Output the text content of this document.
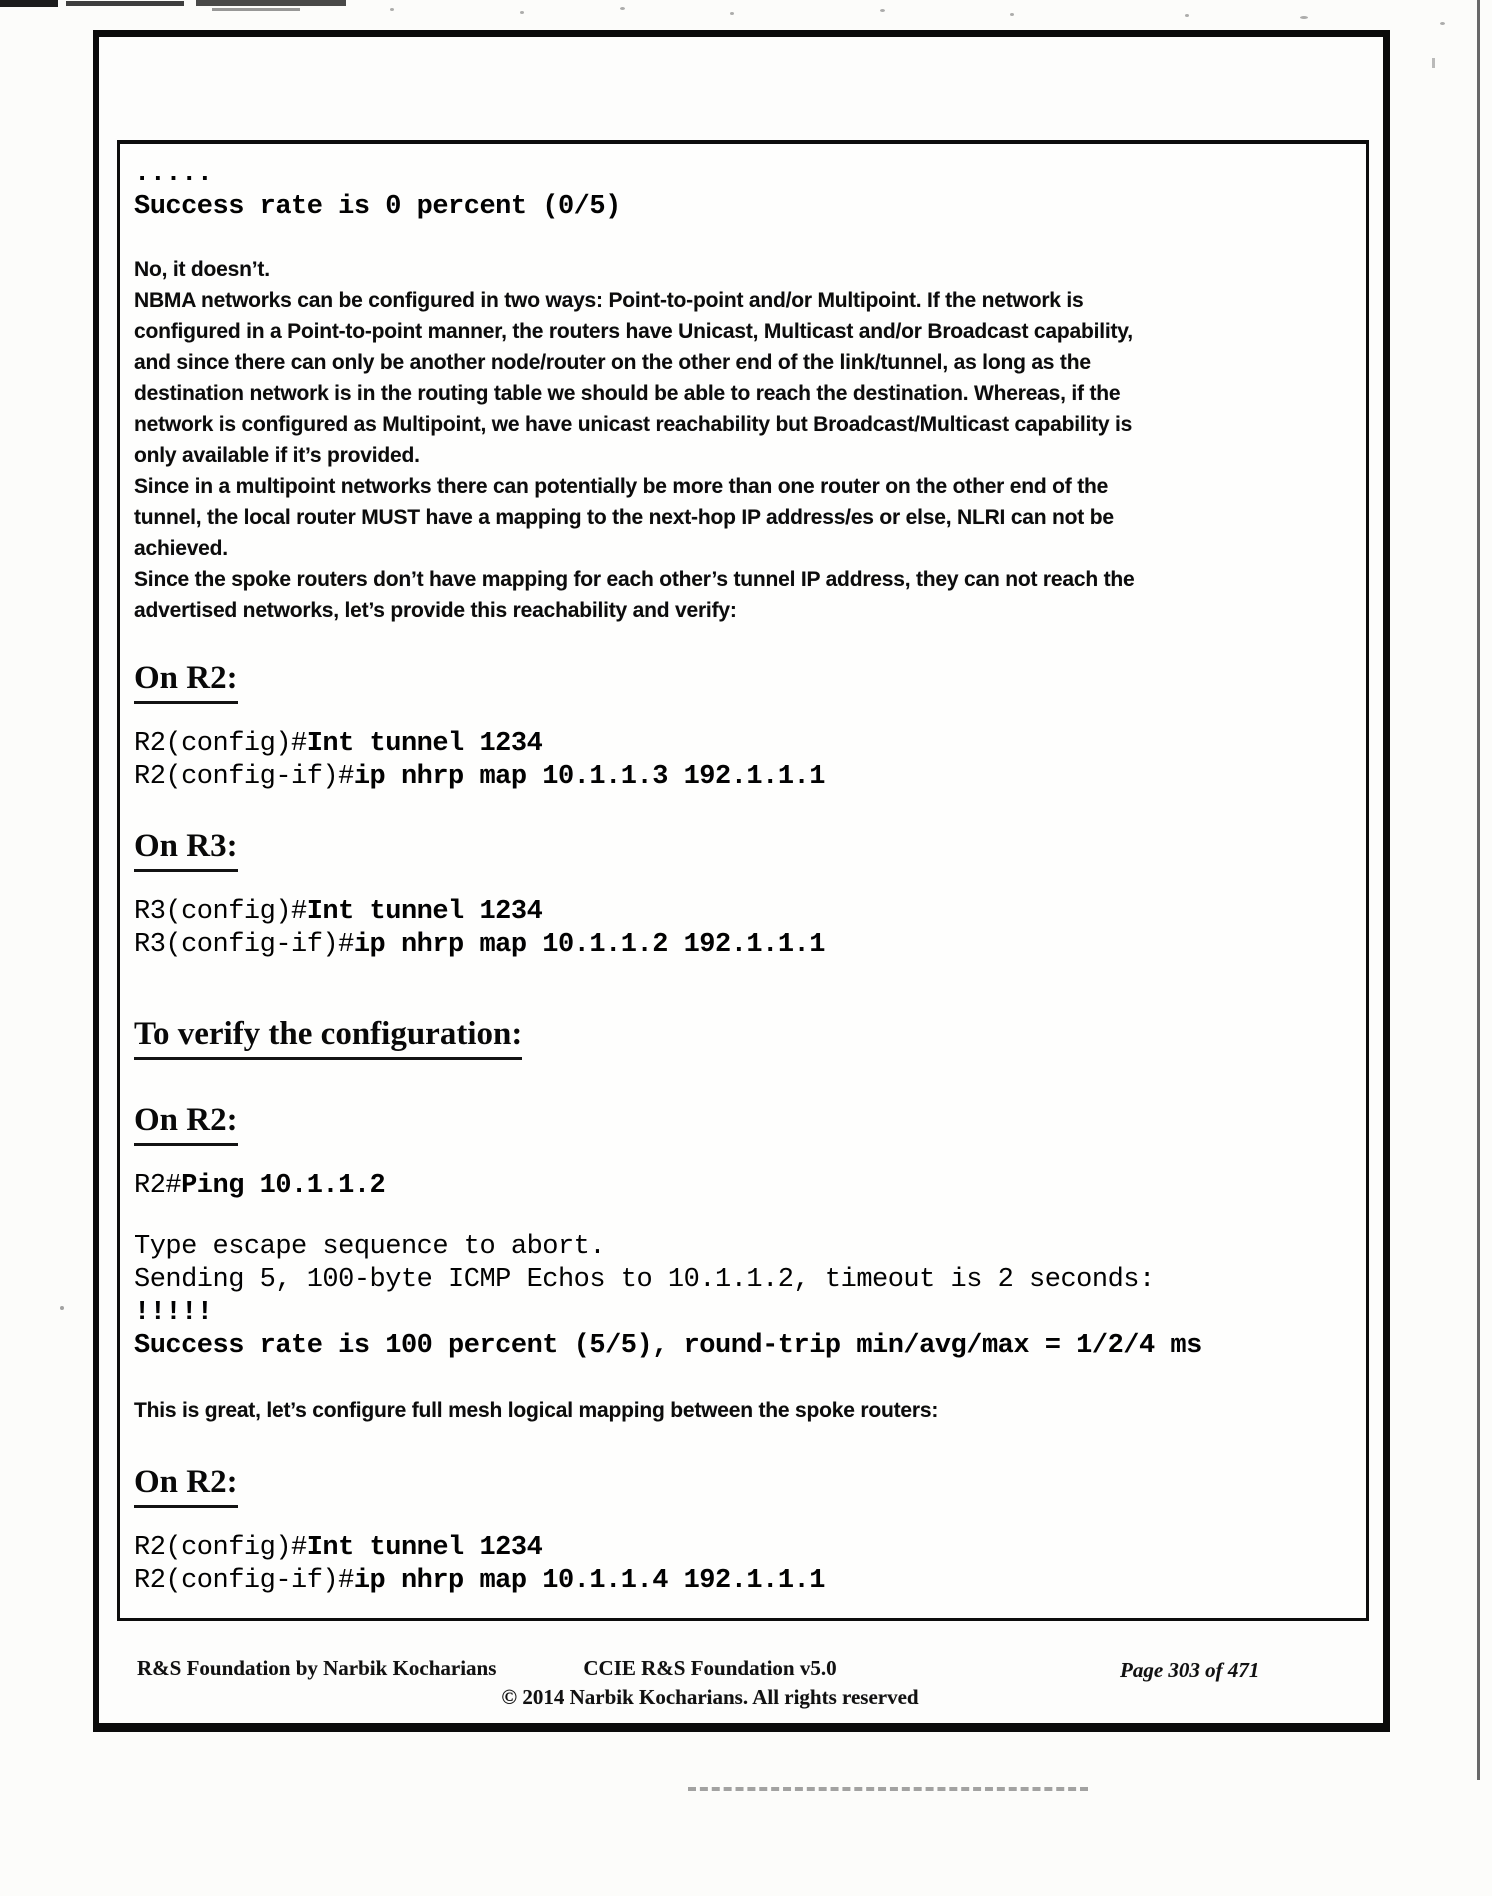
.....
Success rate is 0 percent (0/5)
No, it doesn’t.
NBMA networks can be configured in two ways: Point-to-point and/or Multipoint. If the network is
configured in a Point-to-point manner, the routers have Unicast, Multicast and/or Broadcast capability,
and since there can only be another node/router on the other end of the link/tunnel, as long as the
destination network is in the routing table we should be able to reach the destination. Whereas, if the
network is configured as Multipoint, we have unicast reachability but Broadcast/Multicast capability is
only available if it’s provided.
Since in a multipoint networks there can potentially be more than one router on the other end of the
tunnel, the local router MUST have a mapping to the next-hop IP address/es or else, NLRI can not be
achieved.
Since the spoke routers don’t have mapping for each other’s tunnel IP address, they can not reach the
advertised networks, let’s provide this reachability and verify:
On R2:
R2(config)#Int tunnel 1234
R2(config-if)#ip nhrp map 10.1.1.3 192.1.1.1
On R3:
R3(config)#Int tunnel 1234
R3(config-if)#ip nhrp map 10.1.1.2 192.1.1.1
To verify the configuration:
On R2:
R2#Ping 10.1.1.2
Type escape sequence to abort.
Sending 5, 100-byte ICMP Echos to 10.1.1.2, timeout is 2 seconds:
!!!!!
Success rate is 100 percent (5/5), round-trip min/avg/max = 1/2/4 ms
This is great, let’s configure full mesh logical mapping between the spoke routers:
On R2:
R2(config)#Int tunnel 1234
R2(config-if)#ip nhrp map 10.1.1.4 192.1.1.1
R&S Foundation by Narbik Kocharians	CCIE R&S Foundation v5.0
© 2014 Narbik Kocharians. All rights reserved
Page 303 of 471
